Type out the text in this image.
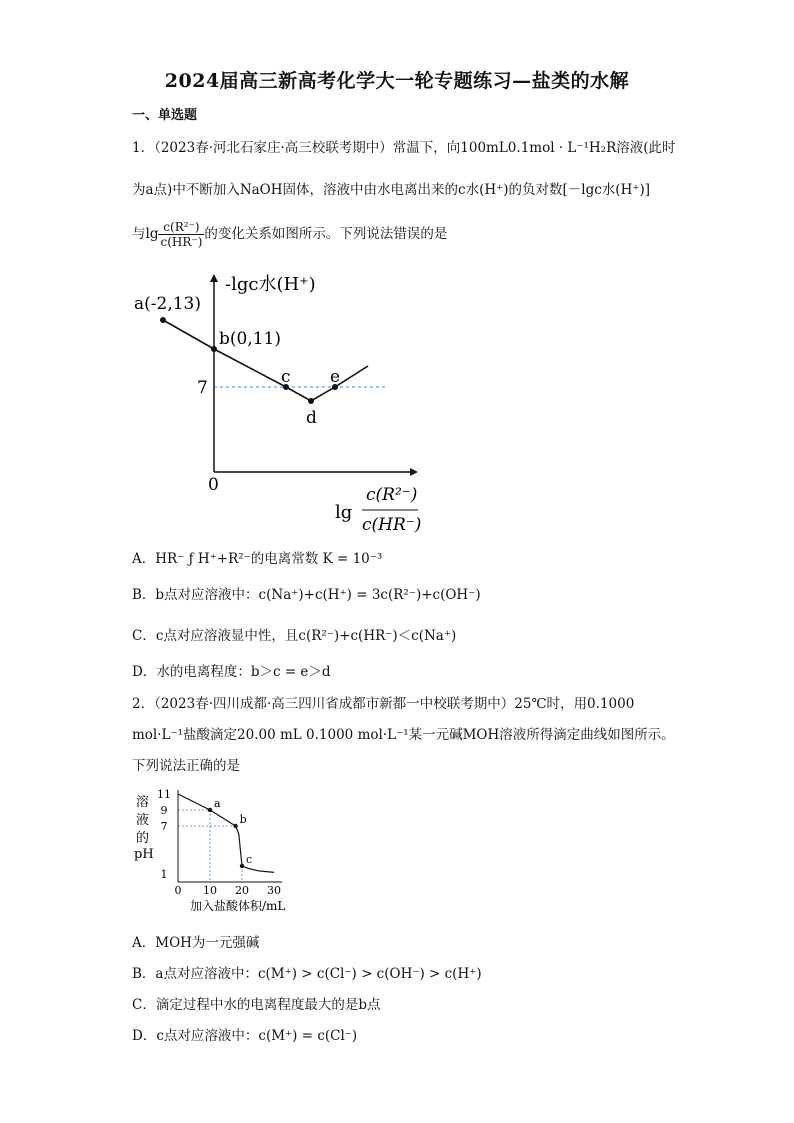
2024届高三新高考化学大一轮专题练习—盐类的水解
一、单选题
1．（2023春·河北石家庄·高三校联考期中）常温下，向100mL0.1mol · L⁻¹H₂R溶液(此时
为a点)中不断加入NaOH固体，溶液中由水电离出来的c水(H⁺)的负对数[－lgc水(H⁺)]
与$\lg \frac{\text{c(R²⁻)}}{c(HR^-)}$ 的变化关系如图所示。下列说法错误的是
-lgc水(H⁺)
a(-2,13)
b(0,11)
c
d
e
7
0
lg
c(R²⁻)
c(HR⁻)
A．HR⁻ ƒ H⁺+R²⁻的电离常数 K = 10⁻³
B．b点对应溶液中：c(Na⁺)+c(H⁺) = 3c(R²⁻)+c(OH⁻)
C．c点对应溶液显中性，且c(R²⁻)+c(HR⁻)＜c(Na⁺)
D．水的电离程度：b＞c = e＞d
2．（2023春·四川成都·高三四川省成都市新都一中校联考期中）25℃时，用0.1000
mol·L⁻¹盐酸滴定20.00 mL 0.1000 mol·L⁻¹某一元碱MOH溶液所得滴定曲线如图所示。
下列说法正确的是
11
9
7
1
0 10 20 30
a
b
c
溶
液
的
pH
加入盐酸体积/mL
A．MOH为一元强碱
B．a点对应溶液中：c(M⁺) > c(Cl⁻) > c(OH⁻) > c(H⁺)
C．滴定过程中水的电离程度最大的是b点
D．c点对应溶液中：c(M⁺) = c(Cl⁻)
